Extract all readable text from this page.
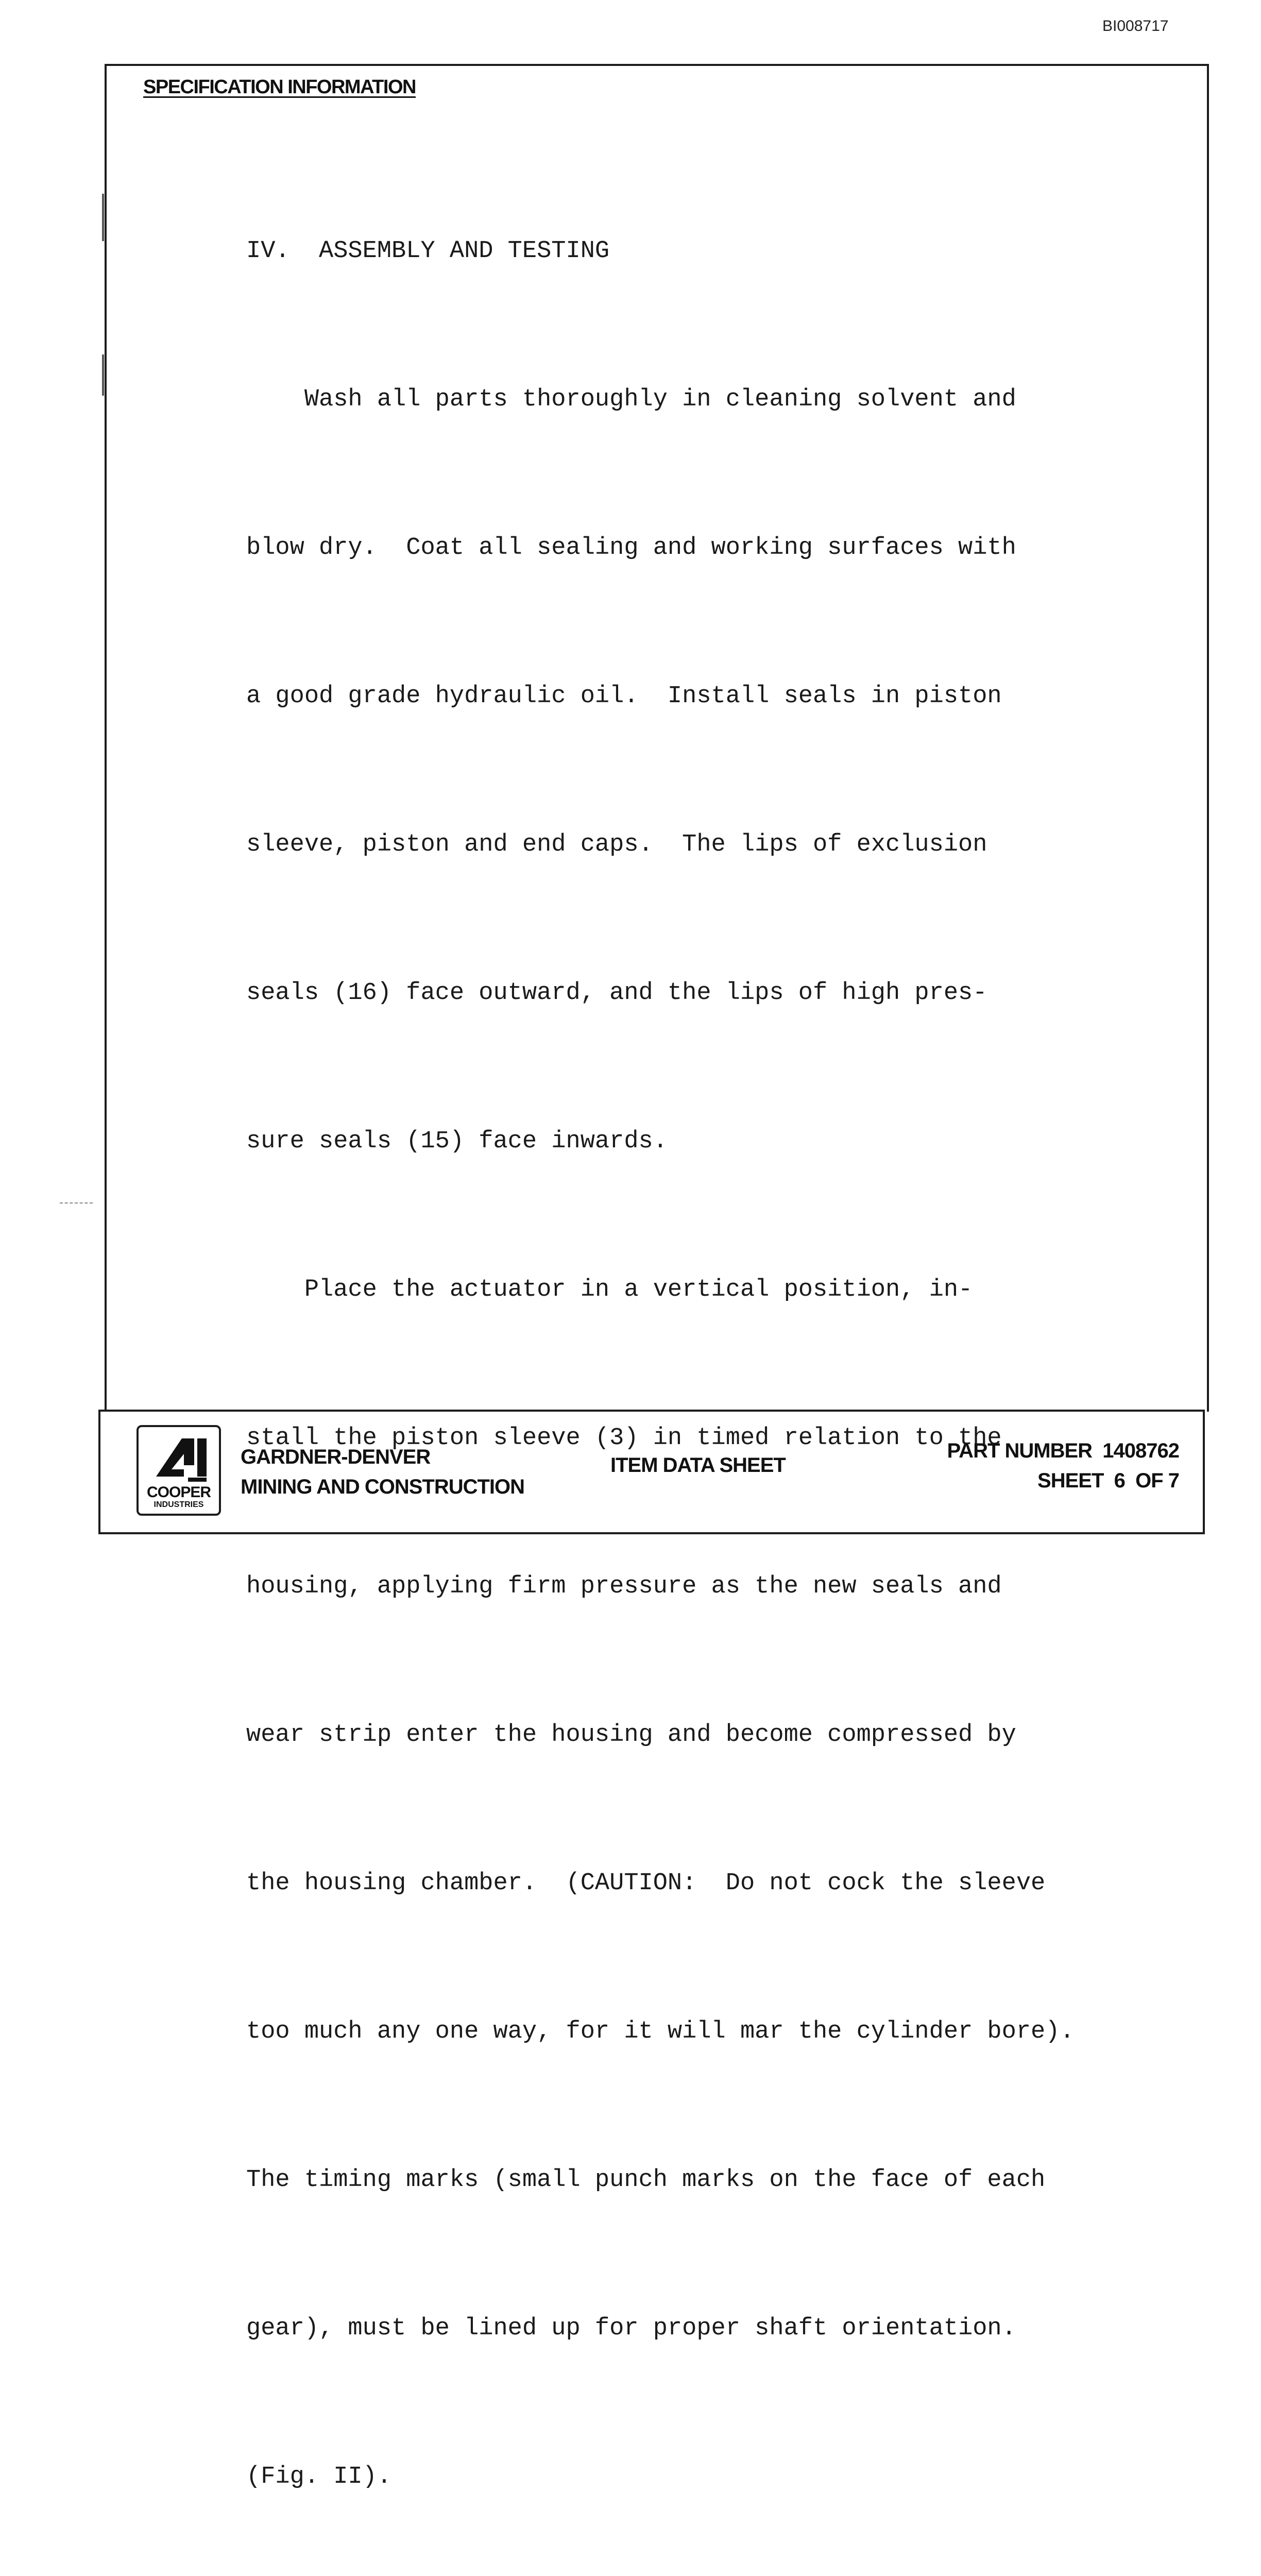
BI008717
SPECIFICATION INFORMATION

IV.  ASSEMBLY AND TESTING

Wash all parts thoroughly in cleaning solvent and

blow dry.  Coat all sealing and working surfaces with

a good grade hydraulic oil.  Install seals in piston

sleeve, piston and end caps.  The lips of exclusion

seals (16) face outward, and the lips of high pres-

sure seals (15) face inwards.

Place the actuator in a vertical position, in-

stall the piston sleeve (3) in timed relation to the

housing, applying firm pressure as the new seals and

wear strip enter the housing and become compressed by

the housing chamber.  (CAUTION:  Do not cock the sleeve

too much any one way, for it will mar the cylinder bore).

The timing marks (small punch marks on the face of each

gear), must be lined up for proper shaft orientation.

(Fig. II).

COOPER
INDUSTRIES
GARDNER-DENVER
MINING AND CONSTRUCTION
ITEM DATA SHEET
PART NUMBER  1408762
SHEET  6  OF 7
